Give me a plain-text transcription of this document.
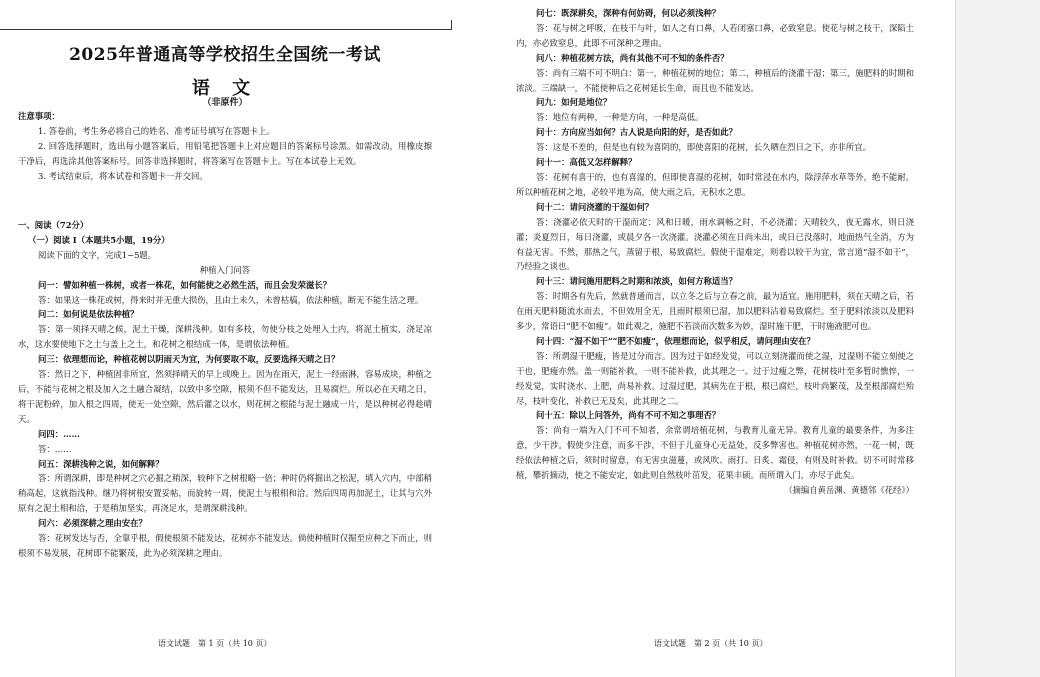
2025年普通高等学校招生全国统一考试
语 文
（非原件）

注意事项：

1. 答卷前，考生务必将自己的姓名、准考证号填写在答题卡上。

2. 回答选择题时，选出每小题答案后，用铅笔把答题卡上对应题目的答案标号涂黑。如需改动，用橡皮擦干净后，再选涂其他答案标号。回答非选择题时，将答案写在答题卡上。写在本试卷上无效。

3. 考试结束后，将本试卷和答题卡一并交回。

一、阅读（72分）

（一）阅读 I（本题共5小题，19分）

阅读下面的文字，完成1~5题。

种植入门问答

问一：譬如种植一株树，或者一株花，如何能使之必然生活，而且会发荣滋长？

答：如果这一株花或树，得来时并无重大损伤，且由土未久，未曾枯槁，依法种植，断无不能生活之理。

问二：如何说是依法种植？

答：第一须择天晴之候，泥土干燥，深耕浅种。如有多枝，勿使分枝之处埋入土内，将泥土植实，浇足凉水，这水要使地下之土与盖上之土，和花树之根结成一体，是谓依法种植。

问三：依理想而论，种植花树以阴雨天为宜，为何要取不取，反要选择天晴之日？

答：然日之下，种植固非所宜，然须择晴天的早上或晚上。因为在雨天，泥土一经雨淋，容易成块，种植之后，不能与花树之根及加入之土融合凝结，以致中多空隙，根须不但不能发达，且易腐烂。所以必在天晴之日，将干泥粉碎，加入根之四周，使无一处空隙，然后灌之以水，则花树之根能与泥土融成一片，是以种树必得趁晴天。

问四：……

答：……

问五：深耕浅种之说，如何解释？

答：所谓深耕，即是种树之穴必掘之稍深，较种下之树根略一倍；种时仍将掘出之松泥，填入穴内，中部稍稍高起，这就指浅种。继乃将树根安置妥帖，而旋转一周，使泥土与根相和洽。然后四周再加泥土，让其与穴外原有之泥土相和洽，于是稍加坚实，再浇足水，是谓深耕浅种。

问六：必须深耕之理由安在？

答：花树发达与否，全靠乎根，假使根须不能发达，花树亦不能发达。倘使种植时仅掘至应种之下而止，则根须不易发展，花树即不能繁茂，此为必须深耕之理由。

语文试题　第 1 页（共 10 页）

问七：既深耕矣，深种有何妨碍，何以必须浅种？

答：花与树之呼吸，在枝干与叶，如人之有口鼻，人若闭塞口鼻，必致窒息。使花与树之枝干，深陷土内，亦必致窒息，此即不可深种之理由。

问八：种植花树方法，尚有其他不可不知的条件否？

答：尚有三端不可不明白：第一，种植花树的地位；第二，种植后的浇灌干湿；第三，施肥料的时期和浓淡。三端缺一，不能使种后之花树延长生命，而且也不能发达。

问九：如何是地位？

答：地位有两种，一种是方向，一种是高低。

问十：方向应当如何？古人说是向阳的好，是否如此？

答：这是不差的，但是也有较为喜阴的，即使喜阳的花树，长久晒在烈日之下，亦非所宜。

问十一：高低又怎样解释？

答：花树有喜干的，也有喜湿的，但即使喜湿的花树，如时常浸在水内，除浮萍水草等外，绝不能耐。所以种植花树之地，必较平地为高，使大雨之后，无积水之患。

问十二：请问浇灌的干湿如何？

答：浇灌必依天时的干湿而定：风和日暖，雨水调畅之时，不必浇灌；天晴较久，夜无露水，则日浇灌；炎夏烈日，每日浇灌，或晨夕各一次浇灌。浇灌必须在日尚未出，或日已没落时，地面热气全消，方为有益无害。不然，那热之气，蒸留于根，易致腐烂。假使干湿难定，则看以较干为宜，常言道“湿不如干”，乃经验之谈也。

问十三：请问施用肥料之时期和浓淡，如何方称适当？

答：时期各有先后，然就普通而言，以立冬之后与立春之前，最为适宜。施用肥料，须在天晴之后，若在雨天肥料随流水而去，不但效用全无，且雨时根须已湿，加以肥料沾着易致腐烂。至于肥料浓淡以及肥料多少，常语曰“肥不如瘦”。如此观之，施肥不若淡而次数多为妙，湿时施干肥，干时施液肥可也。

问十四：“湿不如干”“肥不如瘦”，依理想而论，似乎相反，请问理由安在？

答：所谓湿干肥瘦，皆是过分而言。因为过于如经发觉，可以立刻浇灌而使之湿，过湿则不能立刻使之干也，肥瘦亦然。盖一则能补救，一则不能补救，此其理之一。过于过瘦之弊，花树枝叶至多暂时憔悴，一经发觉，实时浇水、上肥，尚易补救。过湿过肥，其病先在于根，根已腐烂，枝叶尚繁茂，及至根部腐烂殆尽，枝叶变化，补救已无及矣，此其理之二。

问十五：除以上问答外，尚有不可不知之事理否？

答：尚有一端为入门不可不知者，余常谓培植花树，与教育儿童无异。教育儿童的最要条件，为多注意，少干涉。假使少注意，而多干涉，不但于儿童身心无益处，反多弊害也。种植花树亦然，一花一树，既经依法种植之后，须时时留意，有无害虫滋蔓，或风吹、雨打、日炙、霜侵，有则及时补救。切不可时常移植，攀折摘动，使之不能安定，如此则自然枝叶茁发，花果丰硕。而所谓入门，亦尽于此矣。

（摘编自黄岳渊、黄德邻《花经》）

语文试题　第 2 页（共 10 页）
